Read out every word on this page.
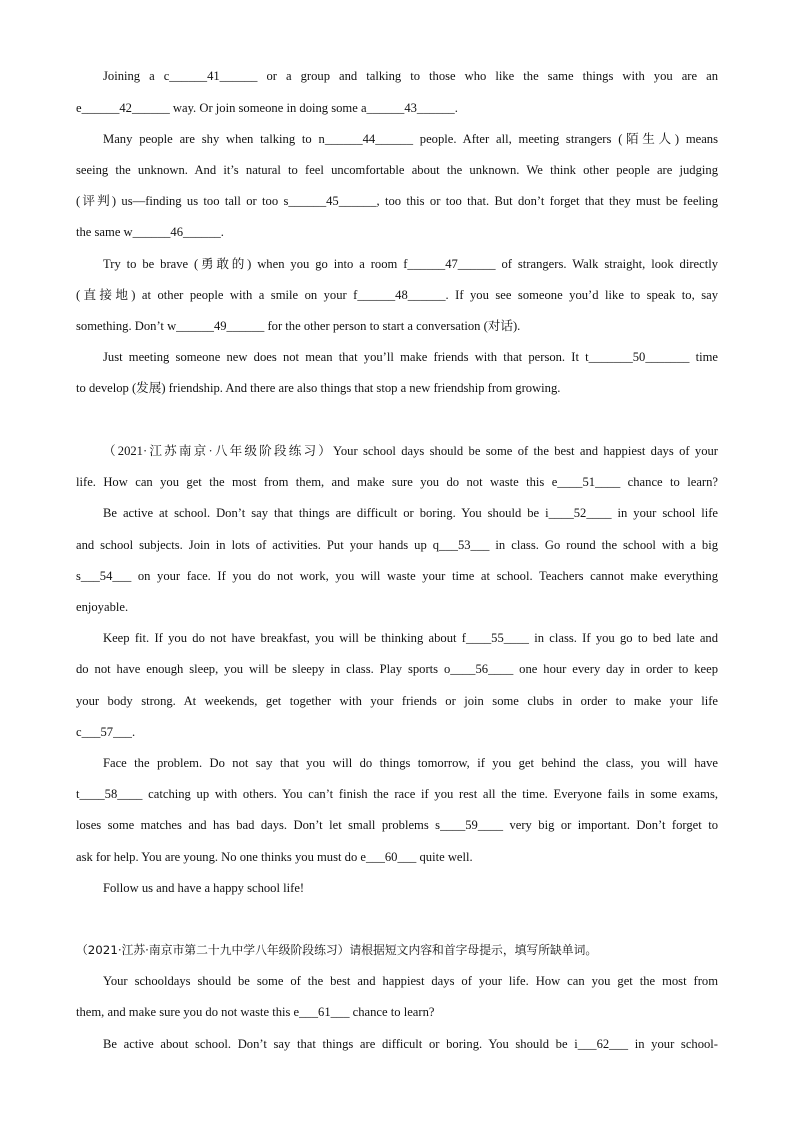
Joining a c______41______ or a group and talking to those who like the same things with you are an
e______42______ way. Or join someone in doing some a______43______.
Many people are shy when talking to n______44______ people. After all, meeting strangers (陌生人) means
seeing the unknown. And it’s natural to feel uncomfortable about the unknown. We think other people are judging
(评判) us—finding us too tall or too s______45______, too this or too that. But don’t forget that they must be feeling
the same w______46______.
Try to be brave (勇敢的) when you go into a room f______47______ of strangers. Walk straight, look directly
(直接地) at other people with a smile on your f______48______. If you see someone you’d like to speak to, say
something. Don’t w______49______ for the other person to start a conversation (对话).
Just meeting someone new does not mean that you’ll make friends with that person. It t_______50_______ time
to develop (发展) friendship. And there are also things that stop a new friendship from growing.
（2021·江苏南京·八年级阶段练习）Your school days should be some of the best and happiest days of your
life. How can you get the most from them, and make sure you do not waste this e____51____ chance to learn?
Be active at school. Don’t say that things are difficult or boring. You should be i____52____ in your school life
and school subjects. Join in lots of activities. Put your hands up q___53___ in class. Go round the school with a big
s___54___ on your face. If you do not work, you will waste your time at school. Teachers cannot make everything
enjoyable.
Keep fit. If you do not have breakfast, you will be thinking about f____55____ in class. If you go to bed late and
do not have enough sleep, you will be sleepy in class. Play sports o____56____ one hour every day in order to keep
your body strong. At weekends, get together with your friends or join some clubs in order to make your life
c___57___.
Face the problem. Do not say that you will do things tomorrow, if you get behind the class, you will have
t____58____ catching up with others. You can’t finish the race if you rest all the time. Everyone fails in some exams,
loses some matches and has bad days. Don’t let small problems s____59____ very big or important. Don’t forget to
ask for help. You are young. No one thinks you must do e___60___ quite well.
Follow us and have a happy school life!
（2021·江苏·南京市第二十九中学八年级阶段练习）请根据短文内容和首字母提示，填写所缺单词。
Your schooldays should be some of the best and happiest days of your life. How can you get the most from
them, and make sure you do not waste this e___61___ chance to learn?
Be active about school. Don’t say that things are difficult or boring. You should be i___62___ in your school-
